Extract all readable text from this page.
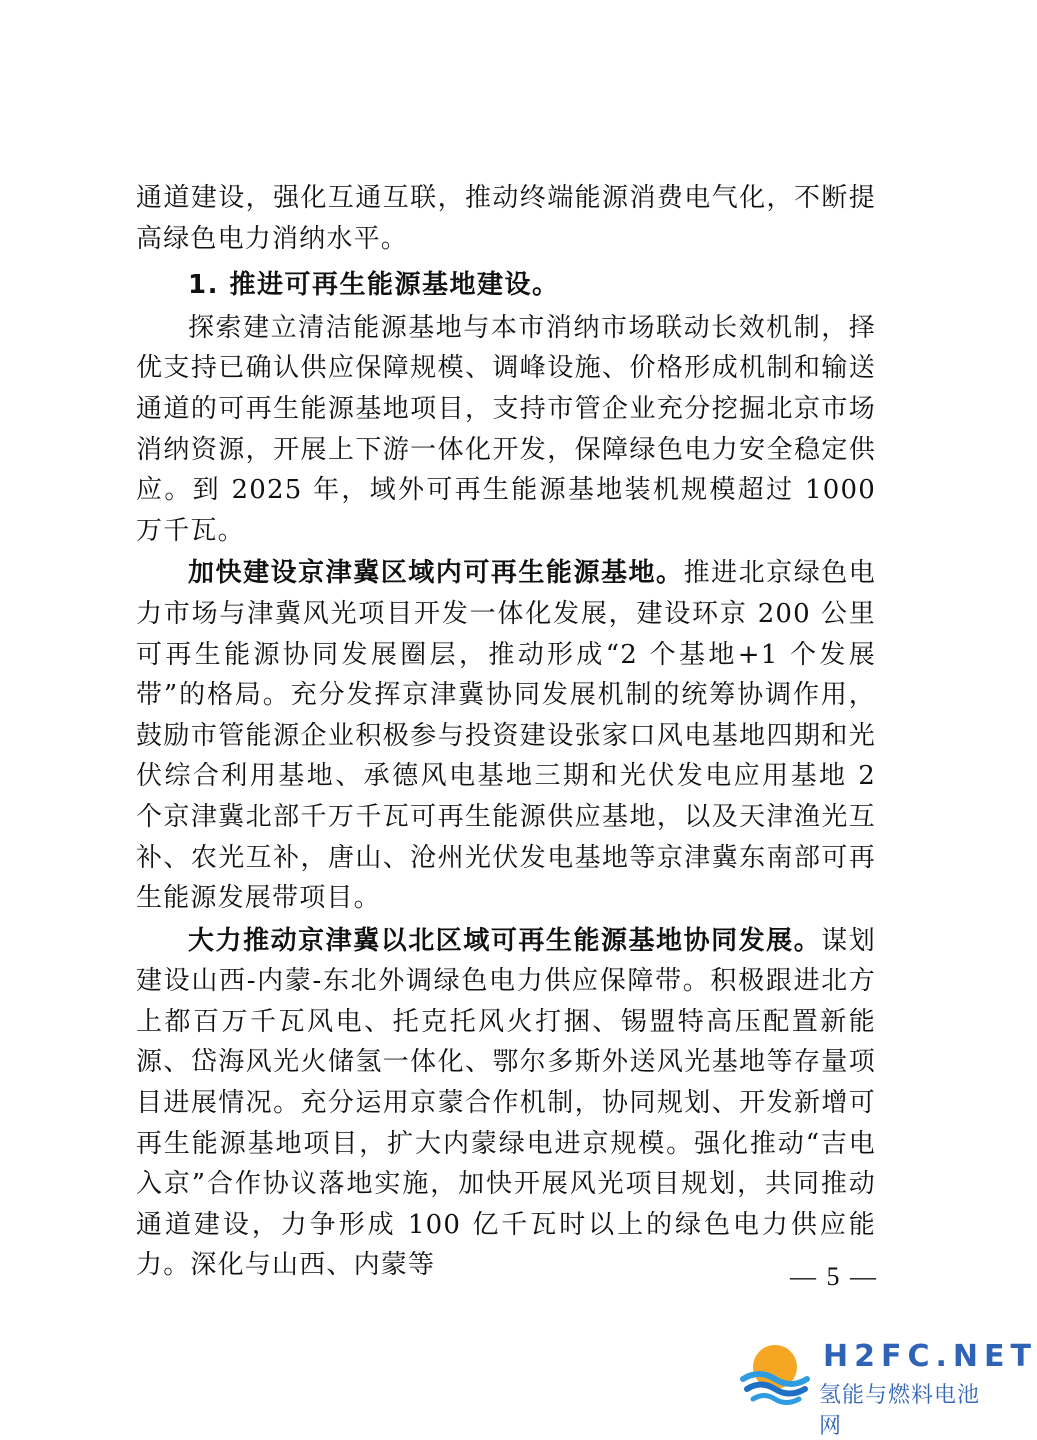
通道建设，强化互通互联，推动终端能源消费电气化，不断提高绿色电力消纳水平。

1. 推进可再生能源基地建设。

探索建立清洁能源基地与本市消纳市场联动长效机制，择优支持已确认供应保障规模、调峰设施、价格形成机制和输送通道的可再生能源基地项目，支持市管企业充分挖掘北京市场消纳资源，开展上下游一体化开发，保障绿色电力安全稳定供应。到 2025 年，域外可再生能源基地装机规模超过 1000 万千瓦。

加快建设京津冀区域内可再生能源基地。推进北京绿色电力市场与津冀风光项目开发一体化发展，建设环京 200 公里可再生能源协同发展圈层，推动形成“2 个基地+1 个发展带”的格局。充分发挥京津冀协同发展机制的统筹协调作用，鼓励市管能源企业积极参与投资建设张家口风电基地四期和光伏综合利用基地、承德风电基地三期和光伏发电应用基地 2 个京津冀北部千万千瓦可再生能源供应基地，以及天津渔光互补、农光互补，唐山、沧州光伏发电基地等京津冀东南部可再生能源发展带项目。

大力推动京津冀以北区域可再生能源基地协同发展。谋划建设山西-内蒙-东北外调绿色电力供应保障带。积极跟进北方上都百万千瓦风电、托克托风火打捆、锡盟特高压配置新能源、岱海风光火储氢一体化、鄂尔多斯外送风光基地等存量项目进展情况。充分运用京蒙合作机制，协同规划、开发新增可再生能源基地项目，扩大内蒙绿电进京规模。强化推动“吉电入京”合作协议落地实施，加快开展风光项目规划，共同推动通道建设，力争形成 100 亿千瓦时以上的绿色电力供应能力。深化与山西、内蒙等	— 5 —
H2FC.NET
氢能与燃料电池网
